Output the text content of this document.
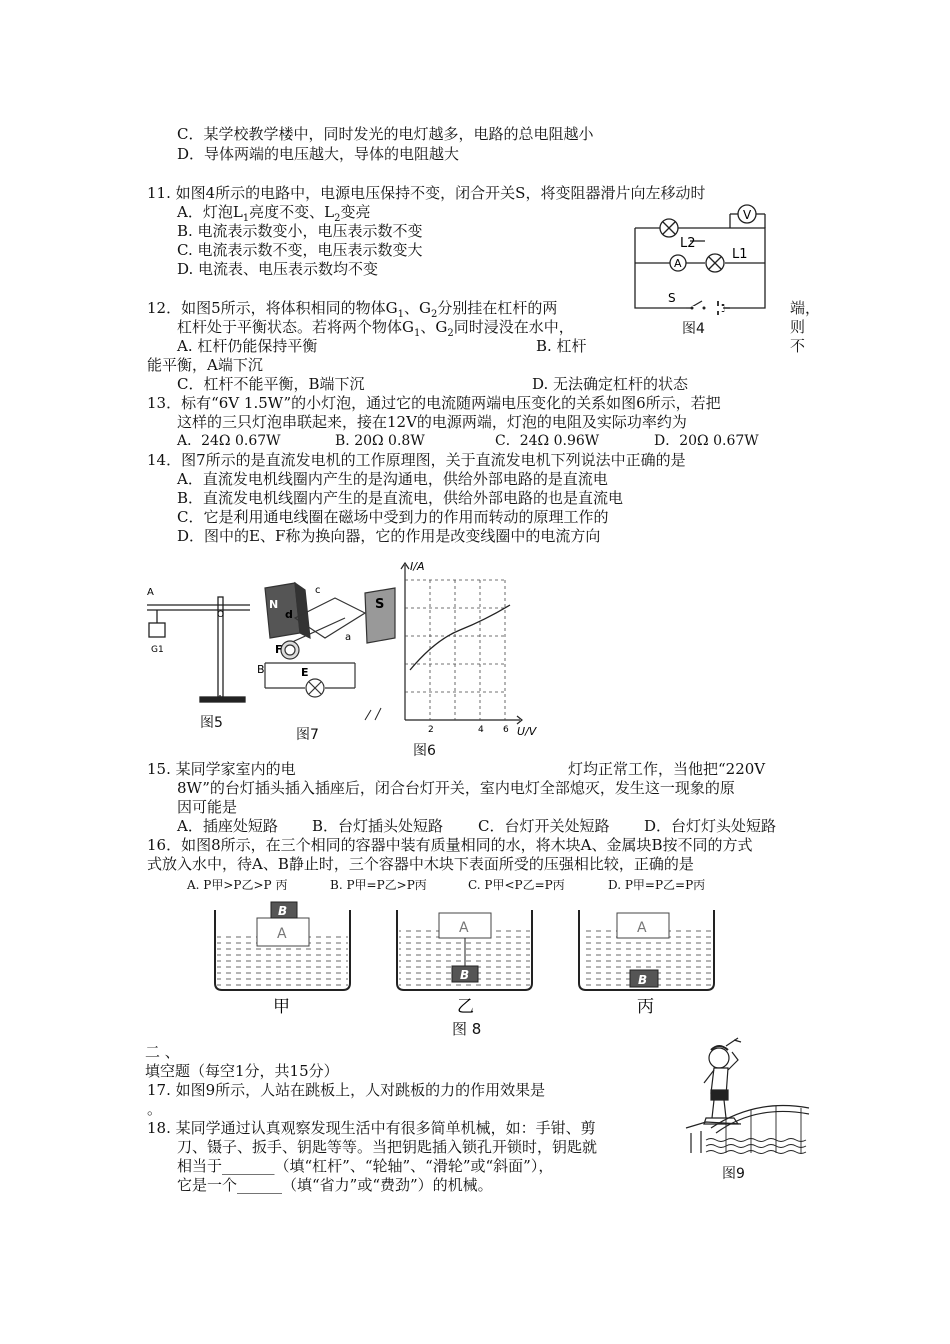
C．某学校教学楼中，同时发光的电灯越多，电路的总电阻越小
D．导体两端的电压越大，导体的电阻越大
11. 如图4所示的电路中，电源电压保持不变，闭合开关S，将变阻器滑片向左移动时
A．灯泡$L_1$亮度不变、$L_2$变亮
B. 电流表示数变小，电压表示数不变
C. 电流表示数不变，电压表示数变大
D. 电流表、电压表示数均不变
V
A
L1
L2
S
图4
12．如图5所示，将体积相同的物体$G_1$、$G_2$分别挂在杠杆的两	端，
杠杆处于平衡状态。若将两个物体$G_1$、$G_2$同时浸没在水中，	则
A. 杠杆仍能保持平衡	B. 杠杆	不
能平衡，A端下沉
C．杠杆不能平衡，B端下沉	D. 无法确定杠杆的状态
13．标有“6V 1.5W”的小灯泡，通过它的电流随两端电压变化的关系如图6所示，若把
这样的三只灯泡串联起来，接在12V的电源两端，灯泡的电阻及实际功率约为
A．24Ω 0.67W	B. 20Ω 0.8W	C．24Ω 0.96W	D．20Ω 0.67W
14．图7所示的是直流发电机的工作原理图，关于直流发电机下列说法中正确的是
A．直流发电机线圈内产生的是沟通电，供给外部电路的是直流电
B．直流发电机线圈内产生的是直流电，供给外部电路的也是直流电
C．它是利用通电线圈在磁场中受到力的作用而转动的原理工作的
D．图中的E、F称为换向器，它的作用是改变线圈中的电流方向
A
O
G1
图5
N	S
c
d
a
B
F
E
图7
I/A
U/V
2	4 6
图6
15. 某同学家室内的电	灯均正常工作，当他把“220V
8W”的台灯插头插入插座后，闭合台灯开关，室内电灯全部熄灭，发生这一现象的原
因可能是
A．插座处短路 B．台灯插头处短路 C．台灯开关处短路 D．台灯灯头处短路
16．如图8所示，在三个相同的容器中装有质量相同的水，将木块A、金属块B按不同的方式
式放入水中，待A、B静止时，三个容器中木块下表面所受的压强相比较，正确的是
A. P甲>P乙>P 丙	B. P甲=P乙>P丙	C. P甲<P乙=P丙	D. P甲=P乙=P丙
A
B
A
B
A
B
甲	乙	丙
图 8
二 、
填空题（每空1分，共15分）
17. 如图9所示，人站在跳板上，人对跳板的力的作用效果是
。
18. 某同学通过认真观察发现生活中有很多简单机械，如：手钳、剪
刀、镊子、扳手、钥匙等等。当把钥匙插入锁孔开锁时，钥匙就
相当于_______（填“杠杆”、“轮轴”、“滑轮”或“斜面”），
它是一个______（填“省力”或“费劲”）的机械。
图9
